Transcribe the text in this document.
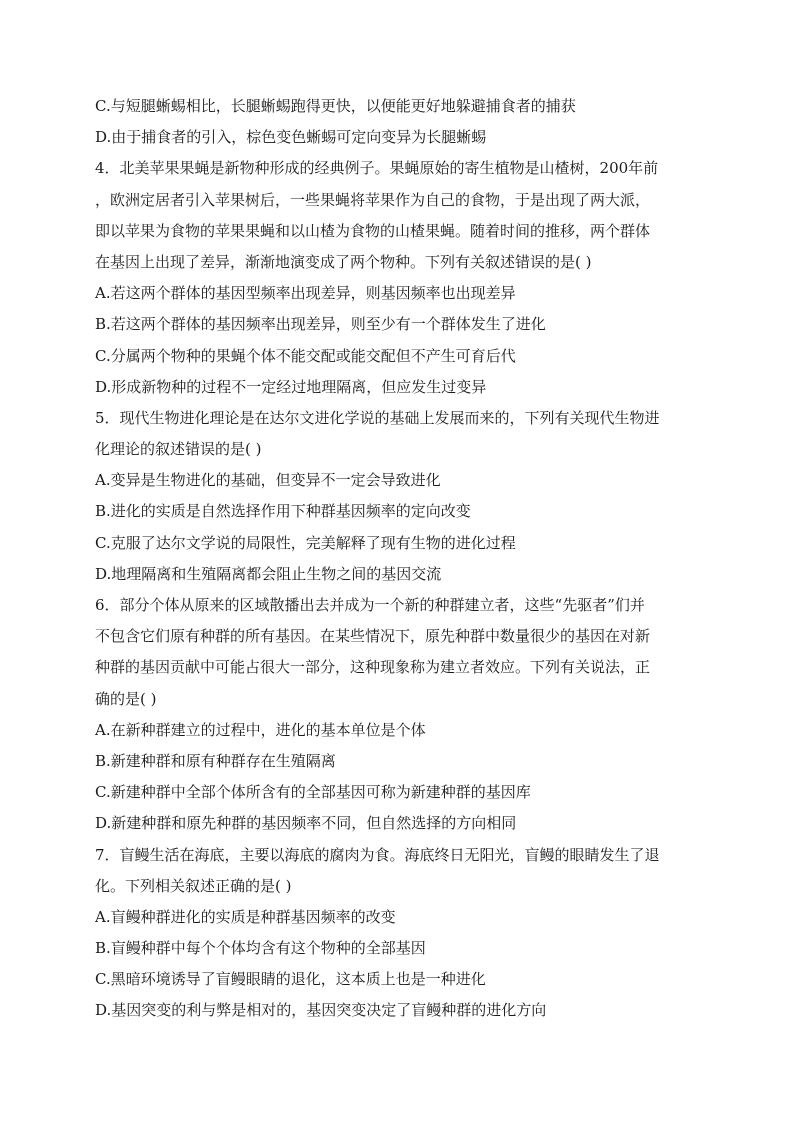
C.与短腿蜥蜴相比，长腿蜥蜴跑得更快，以便能更好地躲避捕食者的捕获
D.由于捕食者的引入，棕色变色蜥蜴可定向变异为长腿蜥蜴
4．北美苹果果蝇是新物种形成的经典例子。果蝇原始的寄生植物是山楂树，200年前
，欧洲定居者引入苹果树后，一些果蝇将苹果作为自己的食物，于是出现了两大派，
即以苹果为食物的苹果果蝇和以山楂为食物的山楂果蝇。随着时间的推移，两个群体
在基因上出现了差异，渐渐地演变成了两个物种。下列有关叙述错误的是( )
A.若这两个群体的基因型频率出现差异，则基因频率也出现差异
B.若这两个群体的基因频率出现差异，则至少有一个群体发生了进化
C.分属两个物种的果蝇个体不能交配或能交配但不产生可育后代
D.形成新物种的过程不一定经过地理隔离，但应发生过变异
5．现代生物进化理论是在达尔文进化学说的基础上发展而来的，下列有关现代生物进
化理论的叙述错误的是( )
A.变异是生物进化的基础，但变异不一定会导致进化
B.进化的实质是自然选择作用下种群基因频率的定向改变
C.克服了达尔文学说的局限性，完美解释了现有生物的进化过程
D.地理隔离和生殖隔离都会阻止生物之间的基因交流
6．部分个体从原来的区域散播出去并成为一个新的种群建立者，这些“先驱者”们并
不包含它们原有种群的所有基因。在某些情况下，原先种群中数量很少的基因在对新
种群的基因贡献中可能占很大一部分，这种现象称为建立者效应。下列有关说法，正
确的是( )
A.在新种群建立的过程中，进化的基本单位是个体
B.新建种群和原有种群存在生殖隔离
C.新建种群中全部个体所含有的全部基因可称为新建种群的基因库
D.新建种群和原先种群的基因频率不同，但自然选择的方向相同
7．盲鳗生活在海底，主要以海底的腐肉为食。海底终日无阳光，盲鳗的眼睛发生了退
化。下列相关叙述正确的是( )
A.盲鳗种群进化的实质是种群基因频率的改变
B.盲鳗种群中每个个体均含有这个物种的全部基因
C.黑暗环境诱导了盲鳗眼睛的退化，这本质上也是一种进化
D.基因突变的利与弊是相对的，基因突变决定了盲鳗种群的进化方向
